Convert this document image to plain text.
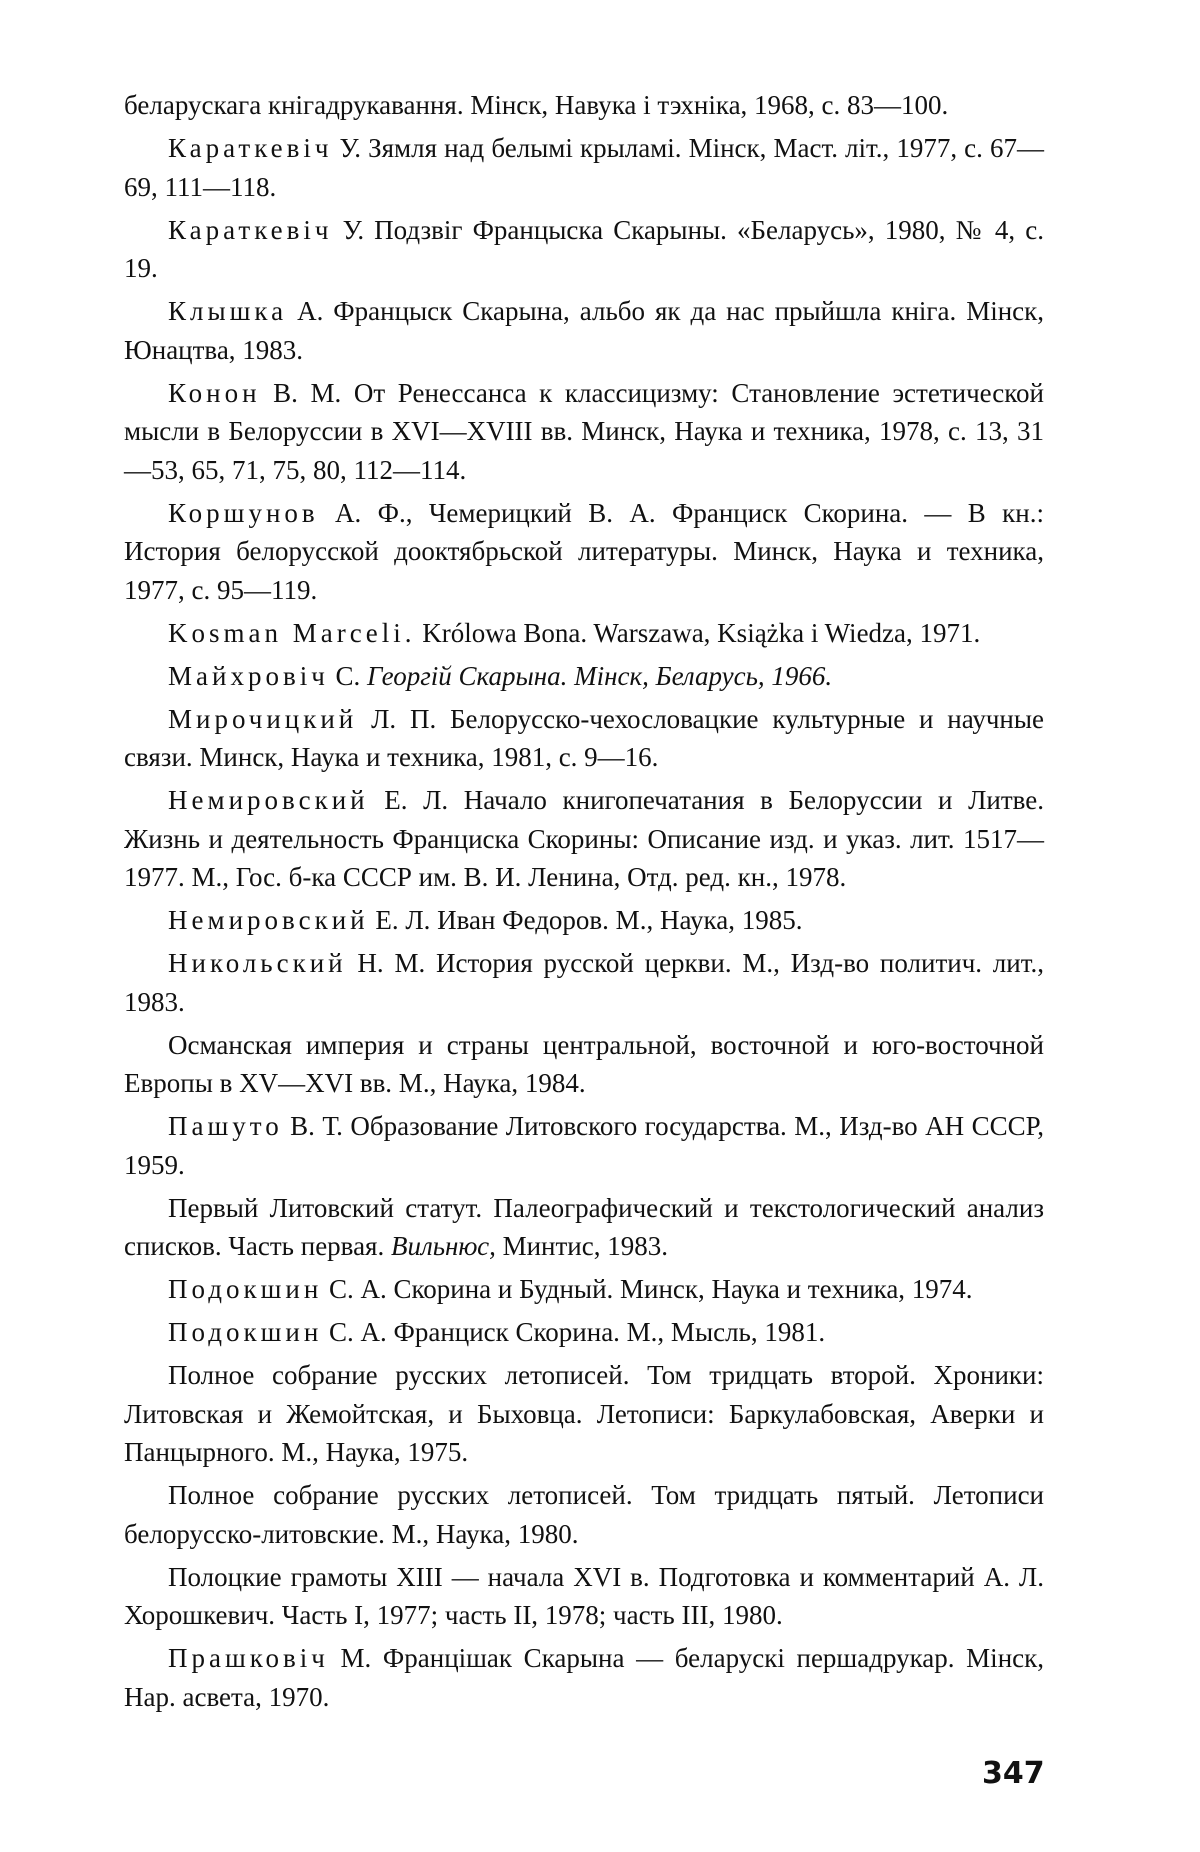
беларускага кнігадрукавання. Мінск, Навука і тэхніка, 1968, с. 83—100.

Караткевіч У. Зямля над белымі крыламі. Мінск, Маст. літ., 1977, с. 67—69, 111—118.

Караткевіч У. Подзвіг Францыска Скарыны. «Беларусь», 1980, № 4, с. 19.

Клышка А. Францыск Скарына, альбо як да нас прыйшла кніга. Мінск, Юнацтва, 1983.

Конон В. М. От Ренессанса к классицизму: Становление эстетической мысли в Белоруссии в XVI—XVIII вв. Минск, Наука и техника, 1978, с. 13, 31—53, 65, 71, 75, 80, 112—114.

Коршунов А. Ф., Чемерицкий В. А. Франциск Скорина. — В кн.: История белорусской дооктябрьской литературы. Минск, Наука и техника, 1977, с. 95—119.

Kosman Marceli. Królowa Bona. Warszawa, Książka i Wiedza, 1971.

Майхровіч С. Георгій Скарына. Мінск, Беларусь, 1966.

Мирочицкий Л. П. Белорусско-чехословацкие культурные и научные связи. Минск, Наука и техника, 1981, с. 9—16.

Немировский Е. Л. Начало книгопечатания в Белоруссии и Литве. Жизнь и деятельность Франциска Скорины: Описание изд. и указ. лит. 1517—1977. М., Гос. б-ка СССР им. В. И. Ленина, Отд. ред. кн., 1978.

Немировский Е. Л. Иван Федоров. М., Наука, 1985.

Никольский Н. М. История русской церкви. М., Изд-во политич. лит., 1983.

Османская империя и страны центральной, восточной и юго-восточной Европы в XV—XVI вв. М., Наука, 1984.

Пашуто В. Т. Образование Литовского государства. М., Изд-во АН СССР, 1959.

Первый Литовский статут. Палеографический и текстологический анализ списков. Часть первая. Вильнюс, Минтис, 1983.

Подокшин С. А. Скорина и Будный. Минск, Наука и техника, 1974.

Подокшин С. А. Франциск Скорина. М., Мысль, 1981.

Полное собрание русских летописей. Том тридцать второй. Хроники: Литовская и Жемойтская, и Быховца. Летописи: Баркулабовская, Аверки и Панцырного. М., Наука, 1975.

Полное собрание русских летописей. Том тридцать пятый. Летописи белорусско-литовские. М., Наука, 1980.

Полоцкие грамоты XIII — начала XVI в. Подготовка и комментарий А. Л. Хорошкевич. Часть I, 1977; часть II, 1978; часть III, 1980.

Прашковіч М. Францішак Скарына — беларускі першадрукар. Мінск, Нар. асвета, 1970.

347
